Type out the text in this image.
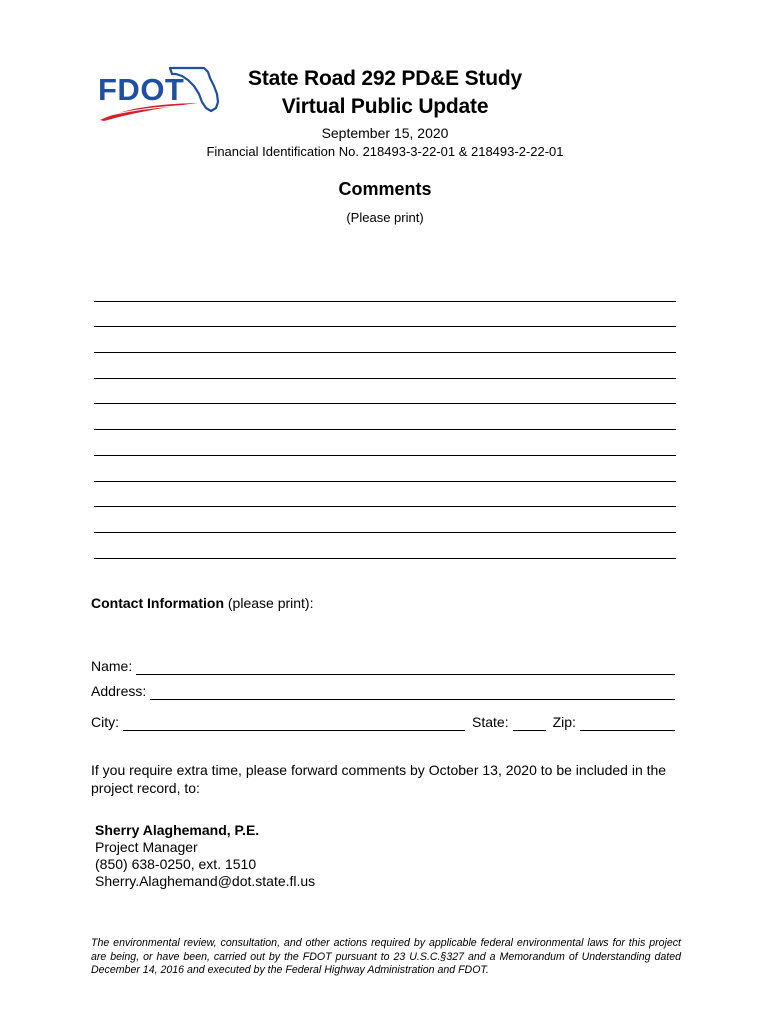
FDOT	State Road 292 PD&E Study
Virtual Public Update
September 15, 2020
Financial Identification No. 218493-3-22-01 & 218493-2-22-01
Comments
(Please print)
Contact Information (please print):
Name:
Address:
City:	State:	Zip:
If you require extra time, please forward comments by October 13, 2020 to be included in the project record, to:
Sherry Alaghemand, P.E.
Project Manager
(850) 638-0250, ext. 1510
Sherry.Alaghemand@dot.state.fl.us
The environmental review, consultation, and other actions required by applicable federal environmental laws for this project are being, or have been, carried out by the FDOT pursuant to 23 U.S.C.§327 and a Memorandum of Understanding dated December 14, 2016 and executed by the Federal Highway Administration and FDOT.
